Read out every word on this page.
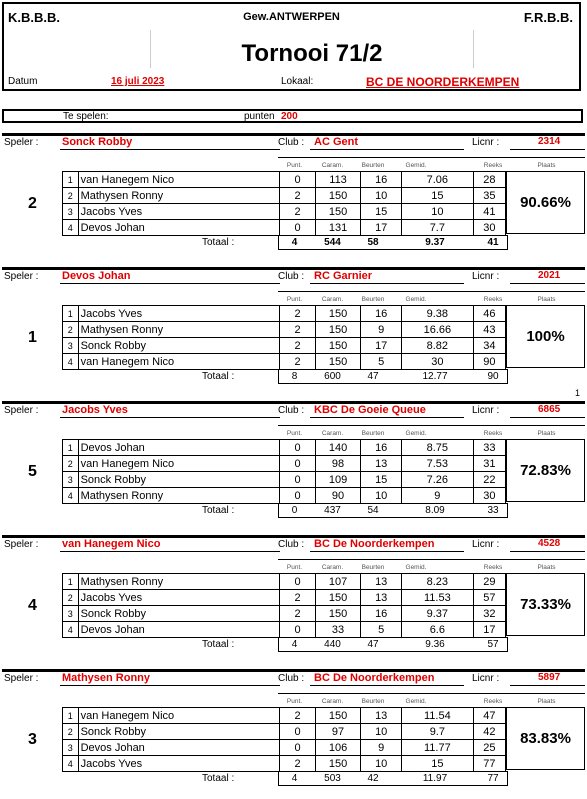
K.B.B.B.	Gew.ANTWERPEN	F.R.B.B.
Tornooi 71/2
Datum	16 juli 2023	Lokaal:	BC DE NOORDERKEMPEN
Te spelen:	punten 200
Speler : Sonck Robby	Club : AC Gent	Licnr :	2314
Punt.	Caram.	Beurten	Gemid.	Reeks	Plaats
2
1	van Hanegem Nico	0	113	16	7.06	28
2	Mathysen Ronny	2	150	10	15	35
3	Jacobs Yves	2	150	15	10	41
4	Devos Johan	0	131	17	7.7	30
90.66%
Totaal :	4	544	58	9.37	41
Speler : Devos Johan	Club : RC Garnier	Licnr :	2021
Punt.	Caram.	Beurten	Gemid.	Reeks	Plaats
1
1	Jacobs Yves	2	150	16	9.38	46
2	Mathysen Ronny	2	150	9	16.66	43
3	Sonck Robby	2	150	17	8.82	34
4	van Hanegem Nico	2	150	5	30	90
100%
Totaal :	8	600	47	12.77	90
Speler : Jacobs Yves	Club : KBC De Goeie Queue	Licnr :	6865
Punt.	Caram.	Beurten	Gemid.	Reeks	Plaats
5
1	Devos Johan	0	140	16	8.75	33
2	van Hanegem Nico	0	98	13	7.53	31
3	Sonck Robby	0	109	15	7.26	22
4	Mathysen Ronny	0	90	10	9	30
72.83%
Totaal :	0	437	54	8.09	33
Speler : van Hanegem Nico	Club : BC De Noorderkempen	Licnr :	4528
Punt.	Caram.	Beurten	Gemid.	Reeks	Plaats
4
1	Mathysen Ronny	0	107	13	8.23	29
2	Jacobs Yves	2	150	13	11.53	57
3	Sonck Robby	2	150	16	9.37	32
4	Devos Johan	0	33	5	6.6	17
73.33%
Totaal :	4	440	47	9.36	57
Speler : Mathysen Ronny	Club : BC De Noorderkempen	Licnr :	5897
Punt.	Caram.	Beurten	Gemid.	Reeks	Plaats
3
1	van Hanegem Nico	2	150	13	11.54	47
2	Sonck Robby	0	97	10	9.7	42
3	Devos Johan	0	106	9	11.77	25
4	Jacobs Yves	2	150	10	15	77
83.83%
Totaal :	4	503	42	11.97	77
1
